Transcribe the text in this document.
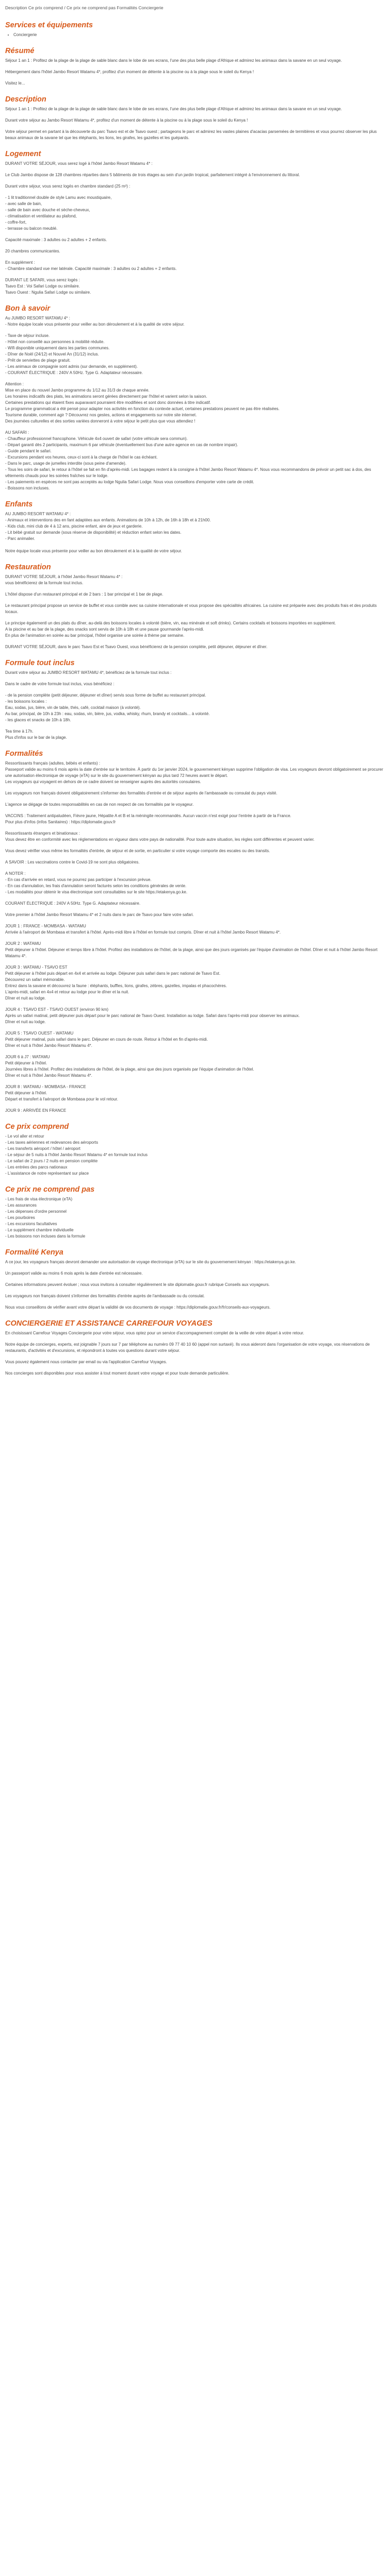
Description Ce prix comprend / Ce prix ne comprend pas Formalités Conciergerie
Services et équipements
• Conciergerie
Résumé

Séjour 1 an 1 : Profitez de la plage de la plage de sable blanc dans le lobe de ses ecrans, l'une des plus belle plage d'Afrique et admirez les animaux dans la savane en un seul voyage.

Hébergement dans l'hôtel Jambo Resort Watamu 4*, profitez d'un moment de détente à la piscine ou à la plage sous le soleil du Kenya !

Visitez le...

Description

Séjour 1 an 1 : Profitez de la plage de la plage de sable blanc dans le lobe de ses ecrans, l'une des plus belle plage d'Afrique et admirez les animaux dans la savane en un seul voyage.

Durant votre séjour au Jambo Resort Watamu 4*, profitez d'un moment de détente à la piscine ou à la plage sous le soleil du Kenya !

Votre séjour permet en partant à la découverte du parc Tsavo est et de Tsavo ouest ; partageons le parc et admirez les vastes plaines d'acacias parsemées de termitières et vous pourrez observer les plus beaux animaux de la savane tel que les éléphants, les lions, les girafes, les gazelles et les guépards.

Logement

DURANT VOTRE SÉJOUR, vous serez logé à l'hôtel Jambo Resort Watamu 4* :

Le Club Jambo dispose de 128 chambres réparties dans 5 bâtiments de trois étages au sein d'un jardin tropical, parfaitement intégré à l'environnement du littoral.

Durant votre séjour, vous serez logés en chambre standard (25 m²) :

- 1 lit traditionnel double de style Lamu avec moustiquaire,
- avec salle de bain,
- salle de bain avec douche et sèche-cheveux,
- climatisation et ventilateur au plafond,
- coffre-fort,
- terrasse ou balcon meublé.

Capacité maximale : 3 adultes ou 2 adultes + 2 enfants.

20 chambres communicantes.

En supplément :
- Chambre standard vue mer latérale. Capacité maximale : 3 adultes ou 2 adultes + 2 enfants.

DURANT LE SAFARI, vous serez logés :
Tsavo Est : Voi Safari Lodge ou similaire.
Tsavo Ouest : Ngulia Safari Lodge ou similaire.

Bon à savoir

Au JUMBO RESORT WATAMU 4* :
- Notre équipe locale vous présente pour veiller au bon déroulement et à la qualité de votre séjour.

- Taxe de séjour incluse.
- Hôtel non conseillé aux personnes à mobilité réduite.
- Wifi disponible uniquement dans les parties communes.
- Dîner de Noël (24/12) et Nouvel An (31/12) inclus.
- Prêt de serviettes de plage gratuit.
- Les animaux de compagnie sont admis (sur demande, en supplément).
- COURANT ÉLECTRIQUE : 240V A 50Hz. Type G. Adaptateur nécessaire.

Attention :
Mise en place du nouvel Jambo programme du 1/12 au 31/3 de chaque année.
Les horaires indicatifs des plats, les animations seront gérées directement par l'hôtel et varient selon la saison.
Certaines prestations qui étaient fixes auparavant pourraient être modifiées et sont donc données à titre indicatif.
Le programme grammatical a été pensé pour adapter nos activités en fonction du contexte actuel, certaines prestations peuvent ne pas être réalisées.
Tourisme durable, comment agir ? Découvrez nos gestes, actions et engagements sur notre site internet.
Des journées culturelles et des sorties variées donneront à votre séjour le petit plus que vous attendiez !

AU SAFARI :
- Chauffeur professionnel francophone. Véhicule 4x4 ouvert de safari (votre véhicule sera commun).
- Départ garanti dès 2 participants, maximum 6 par véhicule (éventuellement bus d'une autre agence en cas de nombre impair).
- Guide pendant le safari.
- Excursions pendant vos heures, ceux-ci sont à la charge de l'hôtel le cas échéant.
- Dans le parc, usage de jumelles interdite (sous peine d'amende).
- Tous les soirs de safari, le retour à l'hôtel se fait en fin d'après-midi. Les bagages restent à la consigne à l'hôtel Jambo Resort Watamu 4*. Nous vous recommandons de prévoir un petit sac à dos, des vêtements chauds pour les soirées fraîches sur le lodge.
- Les paiements en espèces ne sont pas acceptés au lodge Ngulia Safari Lodge. Nous vous conseillons d'emporter votre carte de crédit.
- Boissons non incluses.

Enfants

AU JUMBO RESORT WATAMU 4* :
- Animaux et interventions des en fant adaptées aux enfants. Animations de 10h à 12h, de 16h à 18h et à 21h00.
- Kids club, mini club de 4 à 12 ans, piscine enfant, aire de jeux et garderie.
- Lit bébé gratuit sur demande (sous réserve de disponibilité) et réduction enfant selon les dates.
- Parc animalier.

Notre équipe locale vous présente pour veiller au bon déroulement et à la qualité de votre séjour.

Restauration

DURANT VOTRE SÉJOUR, à l'hôtel Jambo Resort Watamu 4* :
vous bénéficierez de la formule tout inclus.

L'hôtel dispose d'un restaurant principal et de 2 bars : 1 bar principal et 1 bar de plage.

Le restaurant principal propose un service de buffet et vous comble avec sa cuisine internationale et vous propose des spécialités africaines. La cuisine est préparée avec des produits frais et des produits locaux.

Le principe égalementl un des plats du dîner, au-delà des boissons locales à volonté (bière, vin, eau minérale et soft drinks). Certains cocktails et boissons importées en supplément.
A la piscine et au bar de la plage, des snacks sont servis de 10h à 18h et une pause gourmande l'après-midi.
En plus de l'animation en soirée au bar principal, l'hôtel organise une soirée à thème par semaine.

DURANT VOTRE SÉJOUR, dans le parc Tsavo Est et Tsavo Ouest, vous bénéficierez de la pension complète, petit déjeuner, déjeuner et dîner.

Formule tout inclus

Durant votre séjour au JUMBO RESORT WATAMU 4*, bénéficiez de la formule tout inclus :

Dans le cadre de votre formule tout inclus, vous bénéficiez :

- de la pension complète (petit déjeuner, déjeuner et dîner) servis sous forme de buffet au restaurant principal.
- les boissons locales :
Eau, sodas, jus, bière, vin de table, thés, café, cocktail maison (à volonté).
Au bar, principal, de 10h à 23h : eau, sodas, vin, bière, jus, vodka, whisky, rhum, brandy et cocktails... à volonté.
- les glaces et snacks de 10h à 18h.

Tea time à 17h.
Plus d'infos sur le bar de la plage.

Formalités

Ressortissants français (adultes, bébés et enfants) :
Passeport valide au moins 6 mois après la date d'entrée sur le territoire. À partir du 1er janvier 2024, le gouvernement kényan supprime l'obligation de visa. Les voyageurs devront obligatoirement se procurer une autorisation électronique de voyage (eTA) sur le site du gouvernement kényan au plus tard 72 heures avant le départ.
Les voyageurs qui voyagent en dehors de ce cadre doivent se renseigner auprès des autorités consulaires.

Les voyageurs non français doivent obligatoirement s'informer des formalités d'entrée et de séjour auprès de l'ambassade ou consulat du pays visité.

L'agence se dégage de toutes responsabilités en cas de non respect de ces formalités par le voyageur.

VACCINS : Traitement antipaludéen, Fièvre jaune, Hépatite A et B et la méningite recommandés. Aucun vaccin n'est exigé pour l'entrée à partir de la France.
Pour plus d'infos (infos Sanitaires) : https://diplomatie.gouv.fr

Ressortissants étrangers et binationaux :
Vous devez être en conformité avec les réglementations en vigueur dans votre pays de nationalité. Pour toute autre situation, les règles sont différentes et peuvent varier.

Vous devez vérifier vous même les formalités d'entrée, de séjour et de sortie, en particulier si votre voyage comporte des escales ou des transits.

A SAVOIR : Les vaccinations contre le Covid-19 ne sont plus obligatoires.

A NOTER :
- En cas d'arrivée en retard, vous ne pourrez pas participer à l'excursion prévue.
- En cas d'annulation, les frais d'annulation seront facturés selon les conditions générales de vente.
- Les modalités pour obtenir le visa électronique sont consultables sur le site https://etakenya.go.ke.

COURANT ÉLECTRIQUE : 240V A 50Hz. Type G. Adaptateur nécessaire.

Votre premier à l'hôtel Jambo Resort Watamu 4* et 2 nuits dans le parc de Tsavo pour faire votre safari.

JOUR 1 : FRANCE - MOMBASA - WATAMU
Arrivée à l'aéroport de Mombasa et transfert à l'hôtel. Après-midi libre à l'hôtel en formule tout compris. Dîner et nuit à l'hôtel Jambo Resort Watamu 4*.

JOUR 2 : WATAMU
Petit déjeuner à l'hôtel. Déjeuner et temps libre à l'hôtel. Profitez des installations de l'hôtel, de la plage, ainsi que des jours organisés par l'équipe d'animation de l'hôtel. Dîner et nuit à l'hôtel Jambo Resort Watamu 4*.

JOUR 3 : WATAMU - TSAVO EST
Petit déjeuner à l'hôtel puis départ en 4x4 et arrivée au lodge. Déjeuner puis safari dans le parc national de Tsavo Est.
Découvrez un safari mémorable.
Entrez dans la savane et découvrez la faune : éléphants, buffles, lions, girafes, zèbres, gazelles, impalas et phacochères.
L'après-midi, safari en 4x4 et retour au lodge pour le dîner et la nuit.
Dîner et nuit au lodge.

JOUR 4 : TSAVO EST - TSAVO OUEST (environ 90 km)
Après un safari matinal, petit déjeuner puis départ pour le parc national de Tsavo Ouest. Installation au lodge. Safari dans l'après-midi pour observer les animaux.
Dîner et nuit au lodge.

JOUR 5 : TSAVO OUEST - WATAMU
Petit déjeuner matinal, puis safari dans le parc. Déjeuner en cours de route. Retour à l'hôtel en fin d'après-midi.
Dîner et nuit à l'hôtel Jambo Resort Watamu 4*.

JOUR 6 à J7 : WATAMU
Petit déjeuner à l'hôtel.
Journées libres à l'hôtel. Profitez des installations de l'hôtel, de la plage, ainsi que des jours organisés par l'équipe d'animation de l'hôtel.
Dîner et nuit à l'hôtel Jambo Resort Watamu 4*.

JOUR 8 : WATAMU - MOMBASA - FRANCE
Petit déjeuner à l'hôtel.
Départ et transfert à l'aéroport de Mombasa pour le vol retour.

JOUR 9 : ARRIVÉE EN FRANCE

Ce prix comprend

- Le vol aller et retour
- Les taxes aériennes et redevances des aéroports
- Les transferts aéroport / hôtel / aéroport
- Le séjour de 5 nuits à l'hôtel Jambo Resort Watamu 4* en formule tout inclus
- Le safari de 2 jours / 2 nuits en pension complète
- Les entrées des parcs nationaux
- L'assistance de notre représentant sur place

Ce prix ne comprend pas

- Les frais de visa électronique (eTA)
- Les assurances
- Les dépenses d'ordre personnel
- Les pourboires
- Les excursions facultatives
- Le supplément chambre individuelle
- Les boissons non incluses dans la formule

Formalité Kenya

A ce jour, les voyageurs français devront demander une autorisation de voyage électronique (eTA) sur le site du gouvernement kényan : https://etakenya.go.ke.

Un passeport valide au moins 6 mois après la date d'entrée est nécessaire.

Certaines informations peuvent évoluer ; nous vous invitons à consulter régulièrement le site diplomatie.gouv.fr rubrique Conseils aux voyageurs.

Les voyageurs non français doivent s'informer des formalités d'entrée auprès de l'ambassade ou du consulat.

Nous vous conseillons de vérifier avant votre départ la validité de vos documents de voyage : https://diplomatie.gouv.fr/fr/conseils-aux-voyageurs.

CONCIERGERIE ET ASSISTANCE CARREFOUR VOYAGES

En choisissant Carrefour Voyages Conciergerie pour votre séjour, vous optez pour un service d'accompagnement complet de la veille de votre départ à votre retour.

Notre équipe de concierges, experts, est joignable 7 jours sur 7 par téléphone au numéro 09 77 40 10 60 (appel non surtaxé). Ils vous aideront dans l'organisation de votre voyage, vos réservations de restaurants, d'activités et d'excursions, et répondront à toutes vos questions durant votre séjour.

Vous pouvez également nous contacter par email ou via l'application Carrefour Voyages.

Nos concierges sont disponibles pour vous assister à tout moment durant votre voyage et pour toute demande particulière.
